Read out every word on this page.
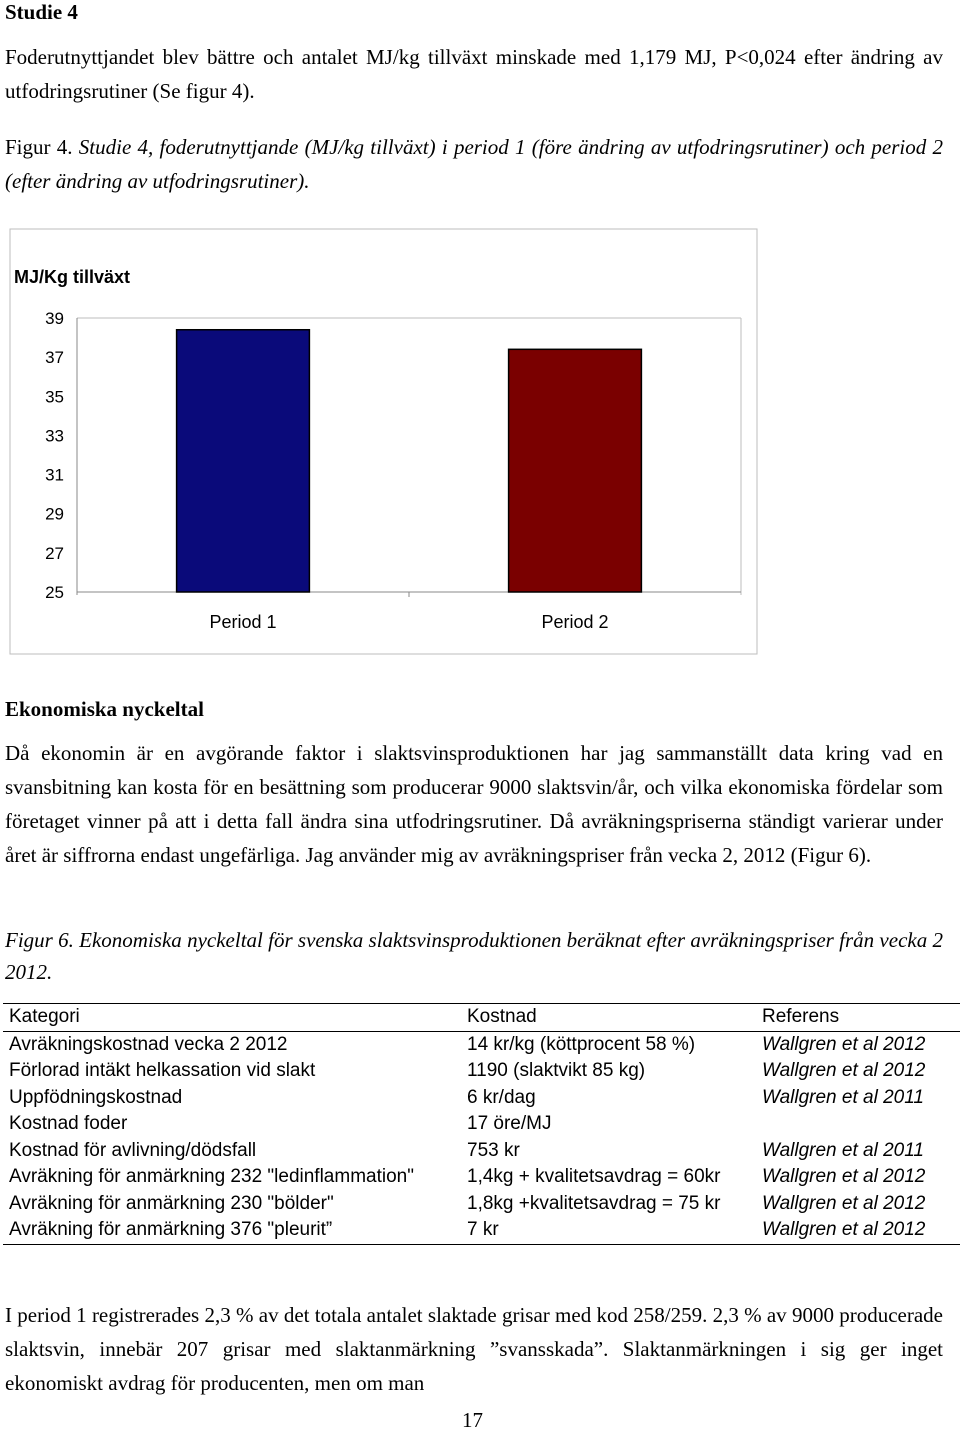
Studie 4

Foderutnyttjandet blev bättre och antalet MJ/kg tillväxt minskade med 1,179 MJ, P<0,024 efter ändring av utfodringsrutiner (Se figur 4).

Figur 4. Studie 4, foderutnyttjande (MJ/kg tillväxt) i period 1 (före ändring av utfodringsrutiner) och period 2 (efter ändring av utfodringsrutiner).

MJ/Kg tillväxt
39
37
35
33
31
29
27
25
Period 1	Period 2
Ekonomiska nyckeltal

Då ekonomin är en avgörande faktor i slaktsvinsproduktionen har jag sammanställt data kring vad en svansbitning kan kosta för en besättning som producerar 9000 slaktsvin/år, och vilka ekonomiska fördelar som företaget vinner på att i detta fall ändra sina utfodringsrutiner. Då avräkningspriserna ständigt varierar under året är siffrorna endast ungefärliga. Jag använder mig av avräkningspriser från vecka 2, 2012 (Figur 6).

Figur 6. Ekonomiska nyckeltal för svenska slaktsvinsproduktionen beräknat efter avräkningspriser från vecka 2 2012.

Kategori	Kostnad	Referens
Avräkningskostnad vecka 2 2012	14 kr/kg (köttprocent 58 %)	Wallgren et al 2012
Förlorad intäkt helkassation vid slakt	1190 (slaktvikt 85 kg)	Wallgren et al 2012
Uppfödningskostnad	6 kr/dag	Wallgren et al 2011
Kostnad foder	17 öre/MJ	
Kostnad för avlivning/dödsfall	753 kr	Wallgren et al 2011
Avräkning för anmärkning 232 "ledinflammation"	1,4kg + kvalitetsavdrag = 60kr	Wallgren et al 2012
Avräkning för anmärkning 230 "bölder"	1,8kg +kvalitetsavdrag = 75 kr	Wallgren et al 2012
Avräkning för anmärkning 376 "pleurit”	7 kr	Wallgren et al 2012

I period 1 registrerades 2,3 % av det totala antalet slaktade grisar med kod 258/259. 2,3 % av 9000 producerade slaktsvin, innebär 207 grisar med slaktanmärkning ”svansskada”. Slaktanmärkningen i sig ger inget ekonomiskt avdrag för producenten, men om man

17
